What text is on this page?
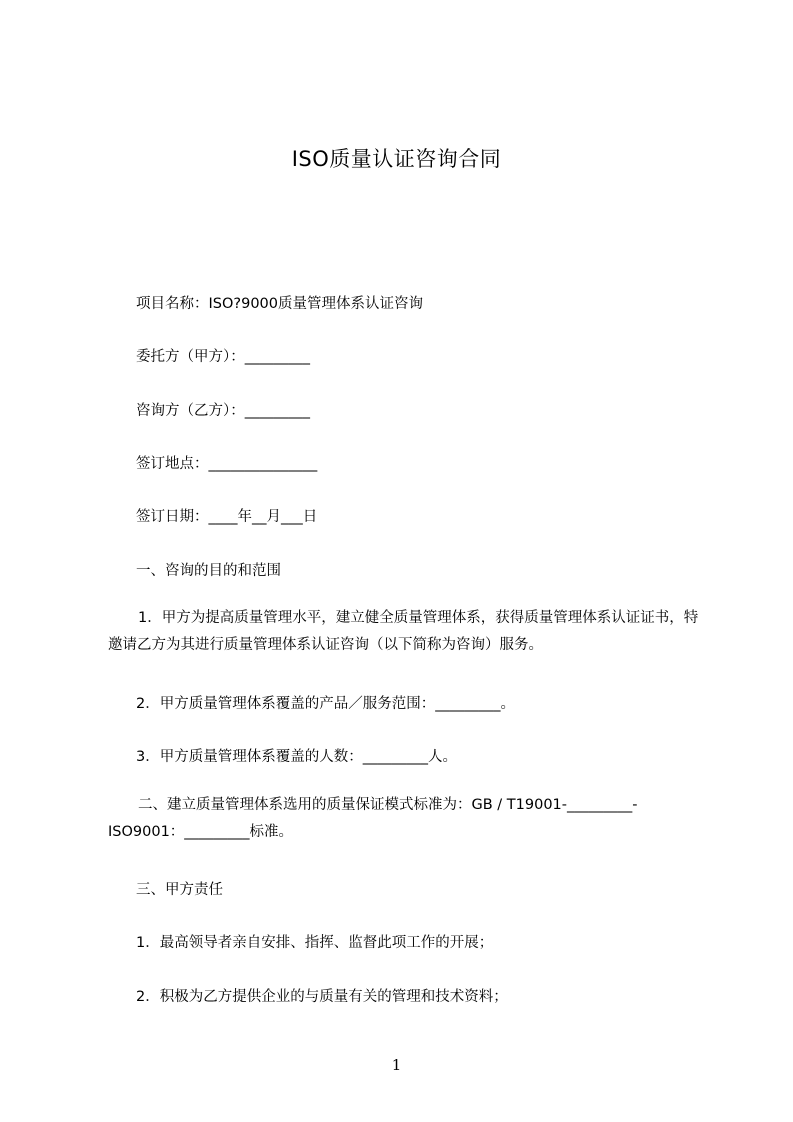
ISO质量认证咨询合同
项目名称：ISO?9000质量管理体系认证咨询
委托方（甲方）：_________
咨询方（乙方）：_________
签订地点：_______________
签订日期：____年__月___日
一、咨询的目的和范围
1．甲方为提高质量管理水平，建立健全质量管理体系，获得质量管理体系认证证书，特邀请乙方为其进行质量管理体系认证咨询（以下简称为咨询）服务。
2．甲方质量管理体系覆盖的产品／服务范围：_________。
3．甲方质量管理体系覆盖的人数：_________人。
二、建立质量管理体系选用的质量保证模式标准为：GB / T19001-_________-ISO9001：_________标准。
三、甲方责任
1．最高领导者亲自安排、指挥、监督此项工作的开展；
2．积极为乙方提供企业的与质量有关的管理和技术资料；
1
